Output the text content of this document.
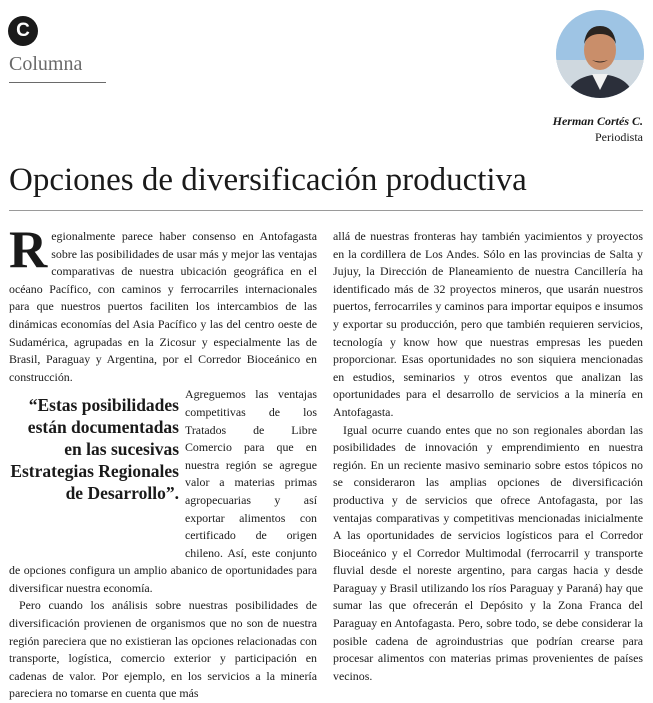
C
Columna
Herman Cortés C.
Periodista
Opciones de diversificación productiva

Regionalmente parece haber consenso en Antofagasta sobre las posibilidades de usar más y mejor las ventajas comparativas de nuestra ubicación geográfica en el océano Pacífico, con caminos y ferrocarriles internacionales para que nuestros puertos faciliten los intercambios de las dinámicas economías del Asia Pacífico y las del centro oeste de Sudamérica, agrupadas en la Zicosur y especialmente las de Brasil, Paraguay y Argentina, por el Corredor Bioceánico en construcción.

“Estas posibilidades están documentadas en las sucesivas Estrategias Regionales de Desarrollo”.

Agreguemos las ventajas competitivas de los Tratados de Libre Comercio para que en nuestra región se agregue valor a materias primas agropecuarias y así exportar alimentos con certificado de origen chileno. Así, este conjunto de opciones configura un amplio abanico de oportunidades para diversificar nuestra economía.

Pero cuando los análisis sobre nuestras posibilidades de diversificación provienen de organismos que no son de nuestra región pareciera que no existieran las opciones relacionadas con transporte, logística, comercio exterior y participación en cadenas de valor. Por ejemplo, en los servicios a la minería pareciera no tomarse en cuenta que más

allá de nuestras fronteras hay también yacimientos y proyectos en la cordillera de Los Andes. Sólo en las provincias de Salta y Jujuy, la Dirección de Planeamiento de nuestra Cancillería ha identificado más de 32 proyectos mineros, que usarán nuestros puertos, ferrocarriles y caminos para importar equipos e insumos y exportar su producción, pero que también requieren servicios, tecnología y know how que nuestras empresas les pueden proporcionar. Esas oportunidades no son siquiera mencionadas en estudios, seminarios y otros eventos que analizan las oportunidades para el desarrollo de servicios a la minería en Antofagasta.

Igual ocurre cuando entes que no son regionales abordan las posibilidades de innovación y emprendimiento en nuestra región. En un reciente masivo seminario sobre estos tópicos no se consideraron las amplias opciones de diversificación productiva y de servicios que ofrece Antofagasta, por las ventajas comparativas y competitivas mencionadas inicialmente A las oportunidades de servicios logísticos para el Corredor Bioceánico y el Corredor Multimodal (ferrocarril y transporte fluvial desde el noreste argentino, para cargas hacia y desde Paraguay y Brasil utilizando los ríos Paraguay y Paraná) hay que sumar las que ofrecerán el Depósito y la Zona Franca del Paraguay en Antofagasta. Pero, sobre todo, se debe considerar la posible cadena de agroindustrias que podrían crearse para procesar alimentos con materias primas provenientes de países vecinos.
